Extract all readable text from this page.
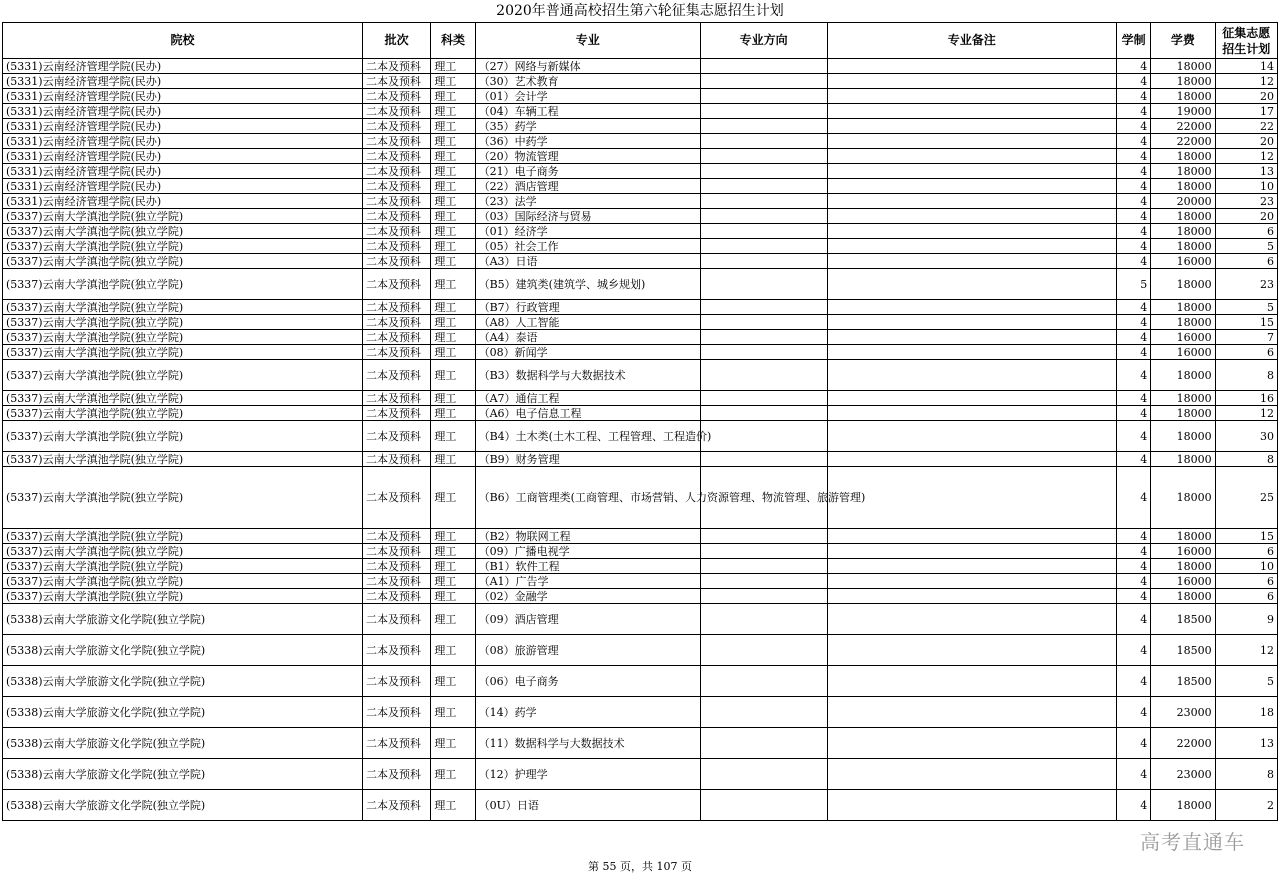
2020年普通高校招生第六轮征集志愿招生计划
院校	批次	科类	专业	专业方向	专业备注	学制	学费	征集志愿招生计划
(5331)云南经济管理学院(民办)	二本及预科	理工	（27）网络与新媒体			4	18000	14
(5331)云南经济管理学院(民办)	二本及预科	理工	（30）艺术教育			4	18000	12
(5331)云南经济管理学院(民办)	二本及预科	理工	（01）会计学			4	18000	20
(5331)云南经济管理学院(民办)	二本及预科	理工	（04）车辆工程			4	19000	17
(5331)云南经济管理学院(民办)	二本及预科	理工	（35）药学			4	22000	22
(5331)云南经济管理学院(民办)	二本及预科	理工	（36）中药学			4	22000	20
(5331)云南经济管理学院(民办)	二本及预科	理工	（20）物流管理			4	18000	12
(5331)云南经济管理学院(民办)	二本及预科	理工	（21）电子商务			4	18000	13
(5331)云南经济管理学院(民办)	二本及预科	理工	（22）酒店管理			4	18000	10
(5331)云南经济管理学院(民办)	二本及预科	理工	（23）法学			4	20000	23
(5337)云南大学滇池学院(独立学院)	二本及预科	理工	（03）国际经济与贸易			4	18000	20
(5337)云南大学滇池学院(独立学院)	二本及预科	理工	（01）经济学			4	18000	6
(5337)云南大学滇池学院(独立学院)	二本及预科	理工	（05）社会工作			4	18000	5
(5337)云南大学滇池学院(独立学院)	二本及预科	理工	（A3）日语			4	16000	6
(5337)云南大学滇池学院(独立学院)	二本及预科	理工	（B5）建筑类(建筑学、城乡规划)			5	18000	23
(5337)云南大学滇池学院(独立学院)	二本及预科	理工	（B7）行政管理			4	18000	5
(5337)云南大学滇池学院(独立学院)	二本及预科	理工	（A8）人工智能			4	18000	15
(5337)云南大学滇池学院(独立学院)	二本及预科	理工	（A4）泰语			4	16000	7
(5337)云南大学滇池学院(独立学院)	二本及预科	理工	（08）新闻学			4	16000	6
(5337)云南大学滇池学院(独立学院)	二本及预科	理工	（B3）数据科学与大数据技术			4	18000	8
(5337)云南大学滇池学院(独立学院)	二本及预科	理工	（A7）通信工程			4	18000	16
(5337)云南大学滇池学院(独立学院)	二本及预科	理工	（A6）电子信息工程			4	18000	12
(5337)云南大学滇池学院(独立学院)	二本及预科	理工	（B4）土木类(土木工程、工程管理、工程造价)			4	18000	30
(5337)云南大学滇池学院(独立学院)	二本及预科	理工	（B9）财务管理			4	18000	8
(5337)云南大学滇池学院(独立学院)	二本及预科	理工	（B6）工商管理类(工商管理、市场营销、人力资源管理、物流管理、旅游管理)			4	18000	25
(5337)云南大学滇池学院(独立学院)	二本及预科	理工	（B2）物联网工程			4	18000	15
(5337)云南大学滇池学院(独立学院)	二本及预科	理工	（09）广播电视学			4	16000	6
(5337)云南大学滇池学院(独立学院)	二本及预科	理工	（B1）软件工程			4	18000	10
(5337)云南大学滇池学院(独立学院)	二本及预科	理工	（A1）广告学			4	16000	6
(5337)云南大学滇池学院(独立学院)	二本及预科	理工	（02）金融学			4	18000	6
(5338)云南大学旅游文化学院(独立学院)	二本及预科	理工	（09）酒店管理			4	18500	9
(5338)云南大学旅游文化学院(独立学院)	二本及预科	理工	（08）旅游管理			4	18500	12
(5338)云南大学旅游文化学院(独立学院)	二本及预科	理工	（06）电子商务			4	18500	5
(5338)云南大学旅游文化学院(独立学院)	二本及预科	理工	（14）药学			4	23000	18
(5338)云南大学旅游文化学院(独立学院)	二本及预科	理工	（11）数据科学与大数据技术			4	22000	13
(5338)云南大学旅游文化学院(独立学院)	二本及预科	理工	（12）护理学			4	23000	8
(5338)云南大学旅游文化学院(独立学院)	二本及预科	理工	（0U）日语			4	18000	2
第 55 页，共 107 页
高考直通车
